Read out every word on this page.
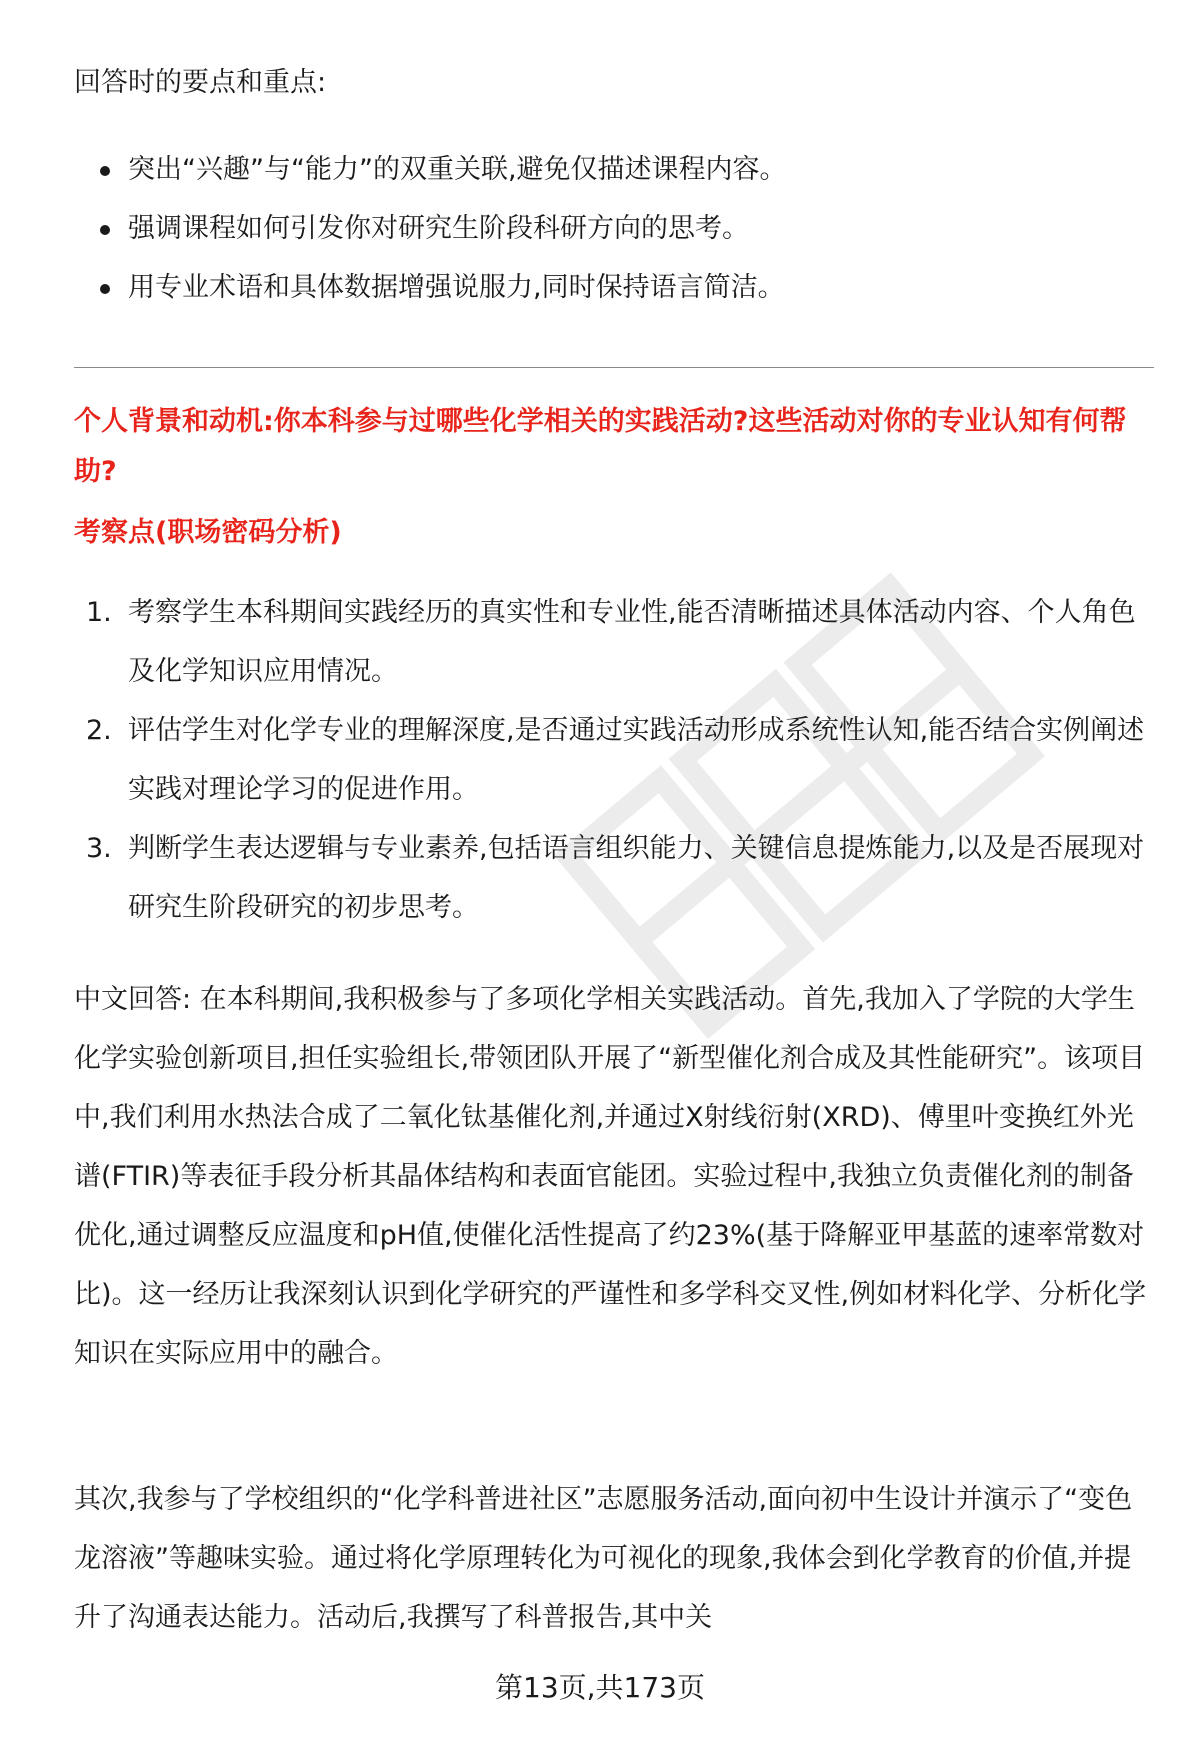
回答时的要点和重点:
突出“兴趣”与“能力”的双重关联,避免仅描述课程内容。
强调课程如何引发你对研究生阶段科研方向的思考。
用专业术语和具体数据增强说服力,同时保持语言简洁。
个人背景和动机:你本科参与过哪些化学相关的实践活动?这些活动对你的专业认知有何帮助?
考察点(职场密码分析)
1. 考察学生本科期间实践经历的真实性和专业性,能否清晰描述具体活动内容、个人角色及化学知识应用情况。
2. 评估学生对化学专业的理解深度,是否通过实践活动形成系统性认知,能否结合实例阐述实践对理论学习的促进作用。
3. 判断学生表达逻辑与专业素养,包括语言组织能力、关键信息提炼能力,以及是否展现对研究生阶段研究的初步思考。

中文回答: 在本科期间,我积极参与了多项化学相关实践活动。首先,我加入了学院的大学生化学实验创新项目,担任实验组长,带领团队开展了“新型催化剂合成及其性能研究”。该项目中,我们利用水热法合成了二氧化钛基催化剂,并通过X射线衍射(XRD)、傅里叶变换红外光谱(FTIR)等表征手段分析其晶体结构和表面官能团。实验过程中,我独立负责催化剂的制备优化,通过调整反应温度和pH值,使催化活性提高了约23%(基于降解亚甲基蓝的速率常数对比)。这一经历让我深刻认识到化学研究的严谨性和多学科交叉性,例如材料化学、分析化学知识在实际应用中的融合。

其次,我参与了学校组织的“化学科普进社区”志愿服务活动,面向初中生设计并演示了“变色龙溶液”等趣味实验。通过将化学原理转化为可视化的现象,我体会到化学教育的价值,并提升了沟通表达能力。活动后,我撰写了科普报告,其中关

第13页,共173页
